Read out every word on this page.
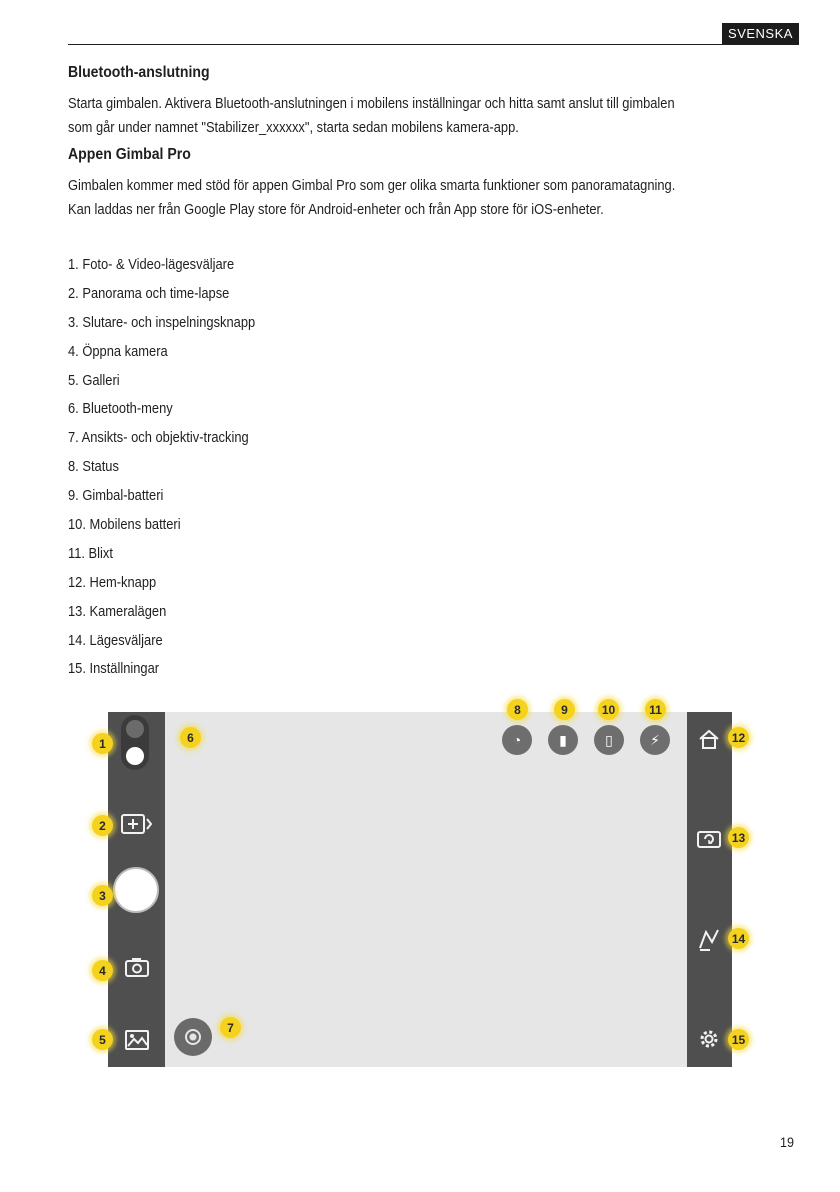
SVENSKA
Bluetooth-anslutning

Starta gimbalen. Aktivera Bluetooth-anslutningen i mobilens inställningar och hitta samt anslut till gimbalen
som går under namnet "Stabilizer_xxxxxx", starta sedan mobilens kamera-app.

Appen Gimbal Pro

Gimbalen kommer med stöd för appen Gimbal Pro som ger olika smarta funktioner som panoramatagning.
Kan laddas ner från Google Play store för Android-enheter och från App store för iOS-enheter.

1. Foto- & Video-lägesväljare
2. Panorama och time-lapse
3. Slutare- och inspelningsknapp
4. Öppna kamera
5. Galleri
6. Bluetooth-meny
7. Ansikts- och objektiv-tracking
8. Status
9. Gimbal-batteri
10. Mobilens batteri
11. Blixt
12. Hem-knapp
13. Kameralägen
14. Lägesväljare
15. Inställningar
◔	▮	▯	⚡
1
2
3
4
5
6
7
8	9	10	11
12
13
14
15
19
